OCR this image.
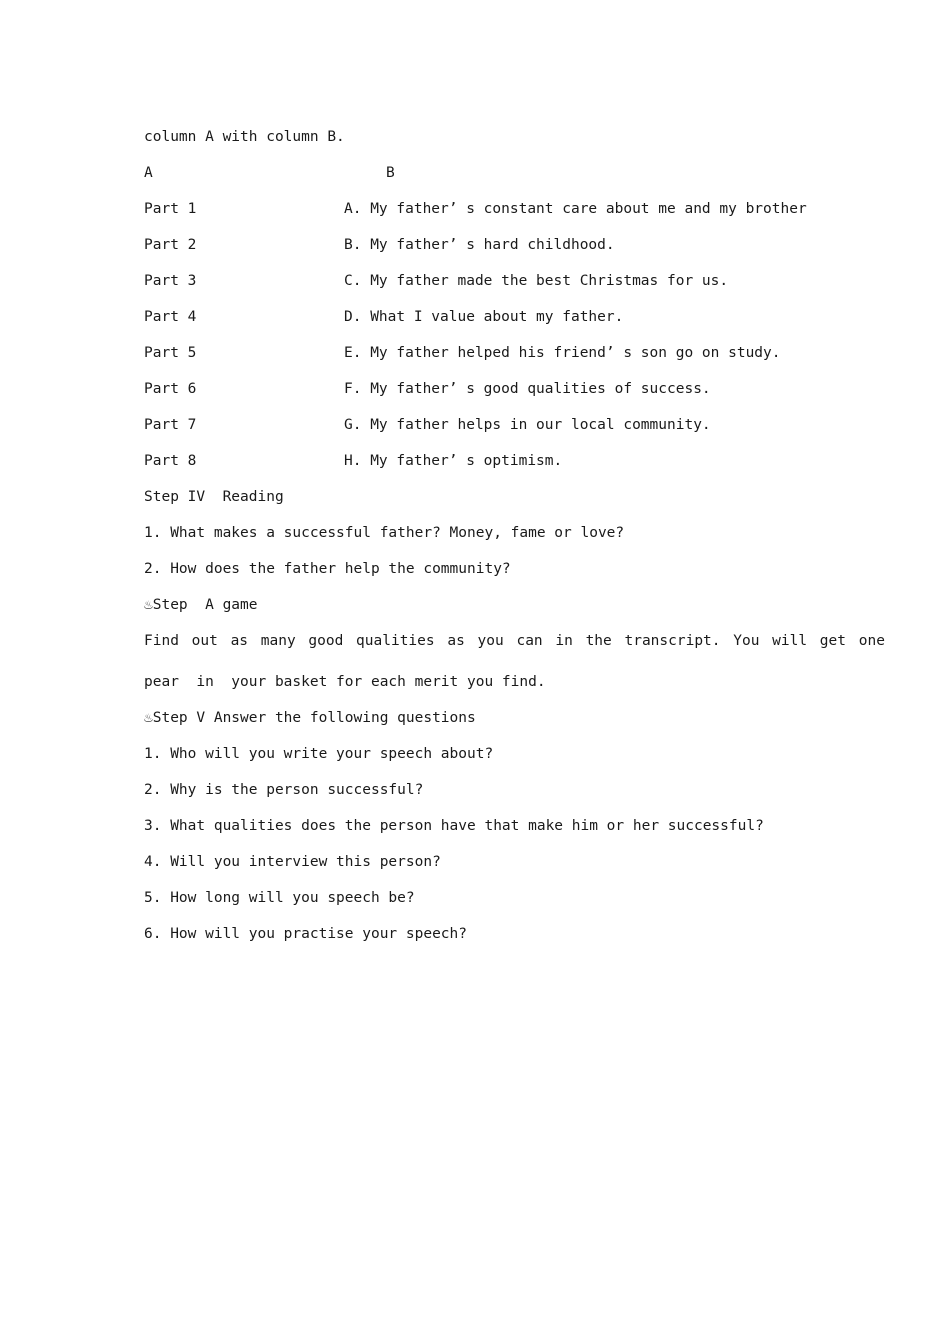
column A with column B.
A	B
Part 1	A. My father’ s constant care about me and my brother
Part 2	B. My father’ s hard childhood.
Part 3	C. My father made the best Christmas for us.
Part 4	D. What I value about my father.
Part 5	E. My father helped his friend’ s son go on study.
Part 6	F. My father’ s good qualities of success.
Part 7	G. My father helps in our local community.
Part 8	H. My father’ s optimism.
Step IV  Reading
1. What makes a successful father? Money, fame or love?
2. How does the father help the community?
♨Step  A game
Find out as many good qualities as you can in the transcript. You will get one
pear  in  your basket for each merit you find.
♨Step V Answer the following questions
1. Who will you write your speech about?
2. Why is the person successful?
3. What qualities does the person have that make him or her successful?
4. Will you interview this person?
5. How long will you speech be?
6. How will you practise your speech?
